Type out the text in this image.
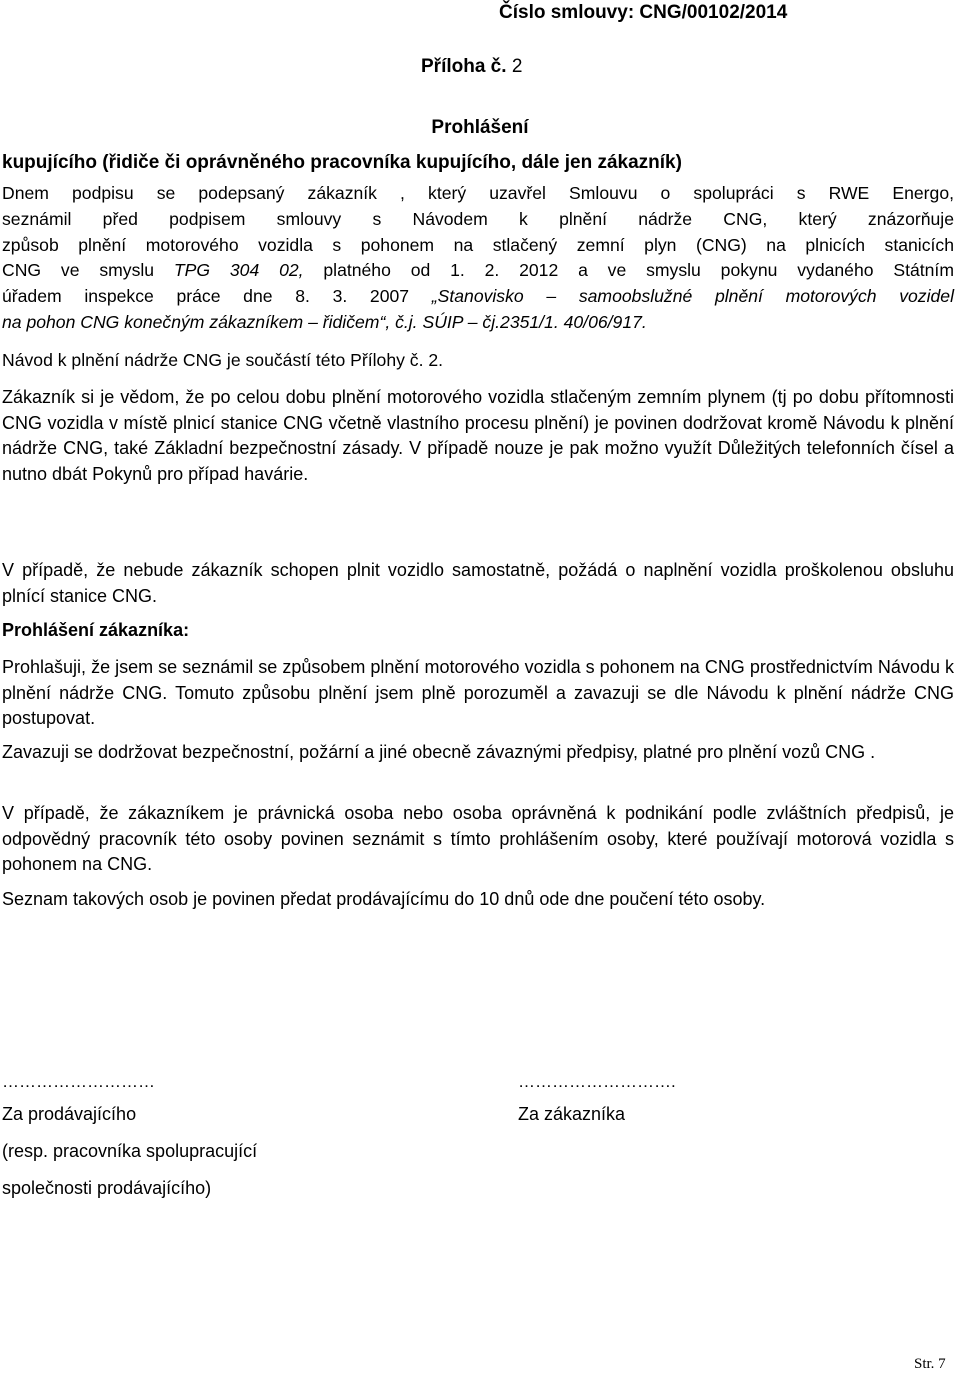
Číslo smlouvy: CNG/00102/2014
Příloha č. 2
Prohlášení
kupujícího (řidiče či oprávněného pracovníka kupujícího, dále jen zákazník)
Dnem podpisu se podepsaný zákazník , který uzavřel Smlouvu o spolupráci s RWE Energo,
seznámil před podpisem smlouvy s Návodem k plnění nádrže CNG, který znázorňuje
způsob plnění motorového vozidla s pohonem na stlačený zemní plyn (CNG) na plnicích stanicích
CNG ve smyslu TPG 304 02, platného od 1. 2. 2012 a ve smyslu pokynu vydaného Státním
úřadem inspekce práce dne 8. 3. 2007 „Stanovisko – samoobslužné plnění motorových vozidel
na pohon CNG konečným zákazníkem – řidičem“, č.j. SÚIP – čj.2351/1. 40/06/917.

Návod k plnění nádrže CNG je součástí této Přílohy č. 2.

Zákazník si je vědom, že po celou dobu plnění motorového vozidla stlačeným zemním plynem (tj po dobu přítomnosti CNG vozidla v místě plnicí stanice CNG včetně vlastního procesu plnění) je povinen dodržovat kromě Návodu k plnění nádrže CNG, také Základní bezpečnostní zásady. V případě nouze je pak možno využít Důležitých telefonních čísel a nutno dbát Pokynů pro případ havárie.

V případě, že nebude zákazník schopen plnit vozidlo samostatně, požádá o naplnění vozidla proškolenou obsluhu plnící stanice CNG.

Prohlášení zákazníka:

Prohlašuji, že jsem se seznámil se způsobem plnění motorového vozidla s pohonem na CNG prostřednictvím Návodu k plnění nádrže CNG. Tomuto způsobu plnění jsem plně porozuměl a zavazuji se dle Návodu k plnění nádrže CNG postupovat.

Zavazuji se dodržovat bezpečnostní, požární a jiné obecně závaznými předpisy, platné pro plnění vozů CNG .

V případě, že zákazníkem je právnická osoba nebo osoba oprávněná k podnikání podle zvláštních předpisů, je odpovědný pracovník této osoby povinen seznámit s tímto prohlášením osoby, které používají motorová vozidla s pohonem na CNG.

Seznam takových osob je povinen předat prodávajícímu do 10 dnů ode dne poučení této osoby.

………………………	……………………….
Za prodávajícího
(resp. pracovníka spolupracující
společnosti prodávajícího)
Za zákazníka
Str. 7
